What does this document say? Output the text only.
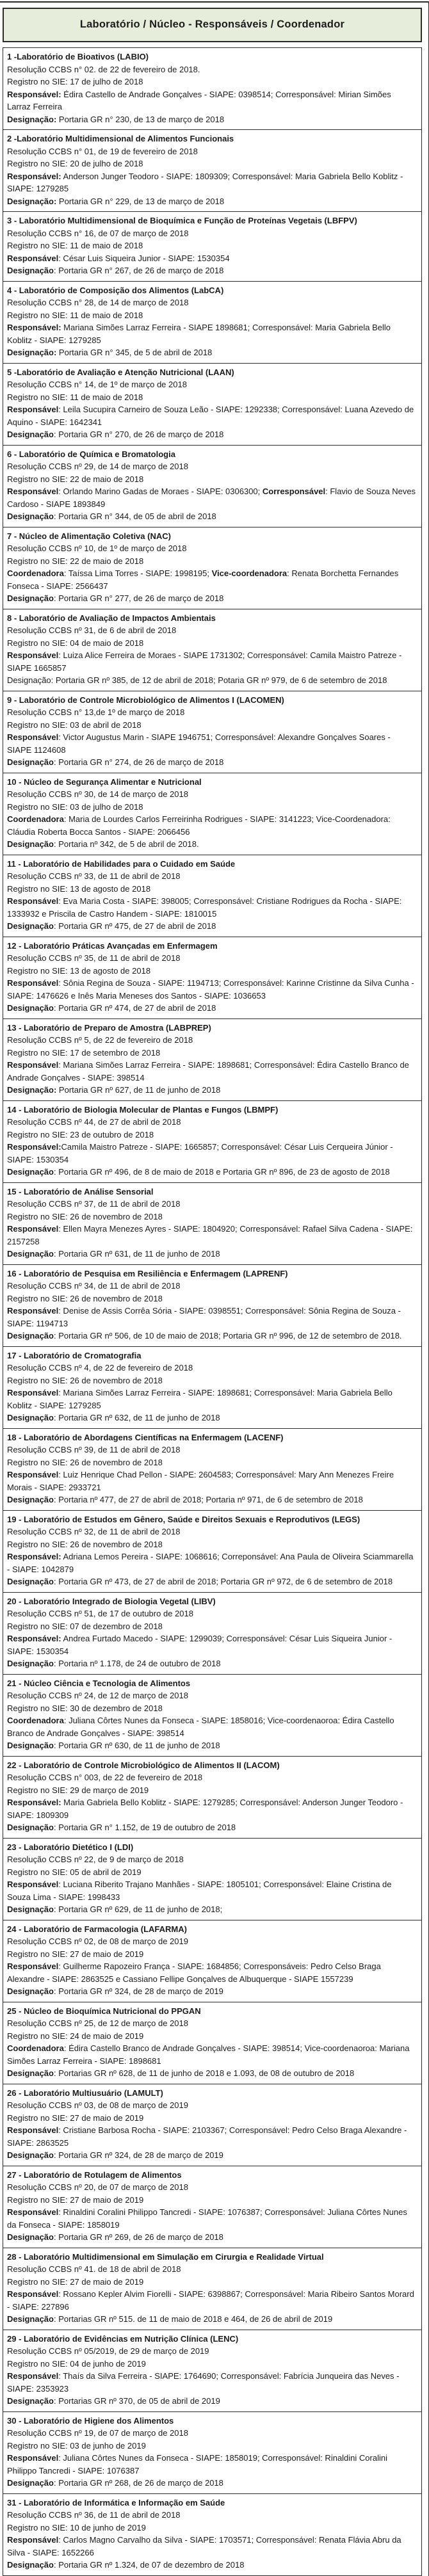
Laboratório / Núcleo - Responsáveis / Coordenador
1 -Laboratório de Bioativos (LABIO)
Resolução CCBS n° 02. de 22 de fevereiro de 2018.
Registro no SIE: 17 de julho de 2018
Responsável: Édira Castello de Andrade Gonçalves - SIAPE: 0398514; Corresponsável: Mirian Simões Larraz Ferreira
Designação: Portaria GR n° 230, de 13 de março de 2018
2 -Laboratório Multidimensional de Alimentos Funcionais
Resolução CCBS n° 01, de 19 de fevereiro de 2018
Registro no SIE: 20 de julho de 2018
Responsável: Anderson Junger Teodoro - SIAPE: 1809309; Corresponsável: Maria Gabriela Bello Koblitz - SIAPE: 1279285
Designação: Portaria GR n° 229, de 13 de março de 2018
3 - Laboratório Multidimensional de Bioquímica e Função de Proteínas Vegetais (LBFPV)
Resolução CCBS n° 16, de 07 de março de 2018
Registro no SIE: 11 de maio de 2018
Responsável: César Luis Siqueira Junior - SIAPE: 1530354
Designação: Portaria GR n° 267, de 26 de março de 2018
4 - Laboratório de Composição dos Alimentos (LabCA)
Resolução CCBS n° 28, de 14 de março de 2018
Registro no SIE: 11 de maio de 2018
Responsável: Mariana Simões Larraz Ferreira - SIAPE 1898681; Corresponsável: Maria Gabriela Bello Koblitz - SIAPE: 1279285
Designação: Portaria GR n° 345, de 5 de abril de 2018
5 -Laboratório de Avaliação e Atenção Nutricional (LAAN)
Resolução CCBS n° 14, de 1º de março de 2018
Registro no SIE: 11 de maio de 2018
Responsável: Leila Sucupira Carneiro de Souza Leão - SIAPE: 1292338; Corresponsável: Luana Azevedo de Aquino - SIAPE: 1642341
Designação: Portaria GR n° 270, de 26 de março de 2018
6 - Laboratório de Química e Bromatologia
Resolução CCBS nº 29, de 14 de março de 2018
Registro no SIE: 22 de maio de 2018
Responsável: Orlando Marino Gadas de Moraes - SIAPE: 0306300; Corresponsável: Flavio de Souza Neves Cardoso - SIAPE 1893849
Designação: Portaria GR n° 344, de 05 de abril de 2018
7 - Núcleo de Alimentação Coletiva (NAC)
Resolução CCBS nº 10, de 1º de março de 2018
Registro no SIE: 22 de maio de 2018
Coordenadora: Taíssa Lima Torres - SIAPE: 1998195; Vice-coordenadora: Renata Borchetta Fernandes Fonseca - SIAPE: 2566437
Designação: Portaria GR n° 277, de 26 de março de 2018
8 - Laboratório de Avaliação de Impactos Ambientais
Resolução CCBS nº 31, de 6 de abril de 2018
Registro no SIE: 04 de maio de 2018
Responsável: Luiza Alice Ferreira de Moraes - SIAPE 1731302; Corresponsável: Camila Maistro Patreze - SIAPE 1665857
Designação: Portaria GR nº 385, de 12 de abril de 2018; Potaria GR nº 979, de 6 de setembro de 2018
9 - Laboratório de Controle Microbiológico de Alimentos I (LACOMEN)
Resolução CCBS n° 13,de 1º de março de 2018
Registro no SIE: 03 de abril de 2018
Responsável: Victor Augustus Marin - SIAPE 1946751; Corresponsável: Alexandre Gonçalves Soares - SIAPE 1124608
Designação: Portaria GR n° 274, de 26 de março de 2018
10 - Núcleo de Segurança Alimentar e Nutricional
Resolução CCBS nº 30, de 14 de março de 2018
Registro no SIE: 03 de julho de 2018
Coordenadora: Maria de Lourdes Carlos Ferreirinha Rodrigues - SIAPE: 3141223; Vice-Coordenadora: Cláudia Roberta Bocca Santos - SIAPE: 2066456
Designação: Portaria nº 342, de 5 de abril de 2018.
11 - Laboratório de Habilidades para o Cuidado em Saúde
Resolução CCBS nº 33, de 11 de abril de 2018
Registro no SIE: 13 de agosto de 2018
Responsável: Eva Maria Costa - SIAPE: 398005; Corresponsável: Cristiane Rodrigues da Rocha - SIAPE: 1333932 e Priscila de Castro Handem - SIAPE: 1810015
Designação: Portaria GR nº 475, de 27 de abril de 2018
12 - Laboratório Práticas Avançadas em Enfermagem
Resolução CCBS nº 35, de 11 de abril de 2018
Registro no SIE: 13 de agosto de 2018
Responsável: Sônia Regina de Souza - SIAPE: 1194713; Corresponsável: Karinne Cristinne da Silva Cunha - SIAPE: 1476626 e Inês Maria Meneses dos Santos - SIAPE: 1036653
Designação: Portaria GR nº 474, de 27 de abril de 2018
13 - Laboratório de Preparo de Amostra (LABPREP)
Resolução CCBS nº 5, de 22 de fevereiro de 2018
Registro no SIE: 17 de setembro de 2018
Responsável: Mariana Simões Larraz Ferreira - SIAPE: 1898681; Corresponsável: Édira Castello Branco de Andrade Gonçalves - SIAPE: 398514
Designação: Portaria GR nº 627, de 11 de junho de 2018
14 - Laboratório de Biologia Molecular de Plantas e Fungos (LBMPF)
Resolução CCBS nº 44, de 27 de abril de 2018
Registro no SIE: 23 de outubro de 2018
Responsável:Camila Maistro Patreze - SIAPE: 1665857; Corresponsável: César Luis Cerqueira Júnior - SIAPE: 1530354
Designação: Portaria GR nº 496, de 8 de maio de 2018 e Portaria GR nº 896, de 23 de agosto de 2018
15 - Laboratório de Análise Sensorial
Resolução CCBS nº 37, de 11 de abril de 2018
Registro no SIE: 26 de novembro de 2018
Responsável: Ellen Mayra Menezes Ayres - SIAPE: 1804920; Corresponsável: Rafael Silva Cadena - SIAPE: 2157258
Designação: Portaria GR nº 631, de 11 de junho de 2018
16 - Laboratório de Pesquisa em Resiliência e Enfermagem (LAPRENF)
Resolução CCBS nº 34, de 11 de abril de 2018
Registro no SIE: 26 de novembro de 2018
Responsável: Denise de Assis Corrêa Sória - SIAPE: 0398551; Corresponsável: Sônia Regina de Souza - SIAPE: 1194713
Designação: Portaria GR nº 506, de 10 de maio de 2018; Portaria GR nº 996, de 12 de setembro de 2018.
17 - Laboratório de Cromatografia
Resolução CCBS nº 4, de 22 de fevereiro de 2018
Registro no SIE: 26 de novembro de 2018
Responsável: Mariana Simões Larraz Ferreira - SIAPE: 1898681; Corresponsável: Maria Gabriela Bello Koblitz - SIAPE: 1279285
Designação: Portaria GR nº 632, de 11 de junho de 2018
18 - Laboratório de Abordagens Científicas na Enfermagem (LACENF)
Resolução CCBS nº 39, de 11 de abril de 2018
Registro no SIE: 26 de novembro de 2018
Responsável: Luiz Henrique Chad Pellon - SIAPE: 2604583; Corresponsável: Mary Ann Menezes Freire Morais - SIAPE: 2933721
Designação: Portaria nº 477, de 27 de abril de 2018; Portaria nº 971, de 6 de setembro de 2018
19 - Laboratório de Estudos em Gênero, Saúde e Direitos Sexuais e Reprodutivos (LEGS)
Resolução CCBS nº 32, de 11 de abril de 2018
Registro no SIE: 26 de novembro de 2018
Responsável: Adriana Lemos Pereira - SIAPE: 1068616; Correponsável: Ana Paula de Oliveira Sciammarella - SIAPE: 1042879
Designação: Portaria GR nº 473, de 27 de abril de 2018; Portaria GR nº 972, de 6 de setembro de 2018
20 - Laboratório Integrado de Biologia Vegetal (LIBV)
Resolução CCBS nº 51, de 17 de outubro de 2018
Registro no SIE: 07 de dezembro de 2018
Responsável: Andrea Furtado Macedo - SIAPE: 1299039; Corresponsável: César Luis Siqueira Junior - SIAPE: 1530354
Designação: Portaria nº 1.178, de 24 de outubro de 2018
21 - Núcleo Ciência e Tecnologia de Alimentos
Resolução CCBS nº 24, de 12 de março de 2018
Registro no SIE: 30 de dezembro de 2018
Coordenadora: Juliana Côrtes Nunes da Fonseca - SIAPE: 1858016; Vice-coordenaoroa: Édira Castello Branco de Andrade Gonçalves - SIAPE: 398514
Designação: Portaria GR nº 630, de 11 de junho de 2018
22 - Laboratório de Controle Microbiológico de Alimentos II (LACOM)
Resolução CCBS n° 003, de 22 de fevereiro de 2018
Registro no SIE: 29 de março de 2019
Responsável: Maria Gabriela Bello Koblitz - SIAPE: 1279285; Corresponsável: Anderson Junger Teodoro - SIAPE: 1809309
Designação: Portaria GR n° 1.152, de 19 de outubro de 2018
23 - Laboratório Dietético I (LDI)
Resolução CCBS nº 22, de 9 de março de 2018
Registro no SIE: 05 de abril de 2019
Responsável: Luciana Riberito Trajano Manhães - SIAPE: 1805101; Corresponsável: Elaine Cristina de Souza Lima - SIAPE: 1998433
Designação: Portaria GR nº 629, de 11 de junho de 2018;
24 - Laboratório de Farmacologia (LAFARMA)
Resolução CCBS nº 02, de 08 de março de 2019
Registro no SIE: 27 de maio de 2019
Responsável: Guilherme Rapozeiro França - SIAPE: 1684856; Corresponsáveis: Pedro Celso Braga Alexandre - SIAPE: 2863525 e Cassiano Fellipe Gonçalves de Albuquerque - SIAPE 1557239
Designação: Portaria GR nº 324, de 28 de março de 2019
25 - Núcleo de Bioquímica Nutricional do PPGAN
Resolução CCBS nº 25, de 12 de março de 2018
Registro no SIE: 24 de maio de 2019
Coordenadora: Édira Castello Branco de Andrade Gonçalves - SIAPE: 398514; Vice-coordenaoroa: Mariana Simões Larraz Ferreira - SIAPE: 1898681
Designação: Portarias GR nº 628, de 11 de junho de 2018 e 1.093, de 08 de outubro de 2018
26 - Laboratório Multiusuário (LAMULT)
Resolução CCBS nº 03, de 08 de março de 2019
Registro no SIE: 27 de maio de 2019
Responsável: Cristiane Barbosa Rocha - SIAPE: 2103367; Corresponsável: Pedro Celso Braga Alexandre - SIAPE: 2863525
Designação: Portaria GR nº 324, de 28 de março de 2019
27 - Laboratório de Rotulagem de Alimentos
Resolução CCBS nº 20, de 07 de março de 2018
Registro no SIE: 27 de maio de 2019
Responsável: Rinaldini Coralini Philippo Tancredi - SIAPE: 1076387; Corresponsável: Juliana Côrtes Nunes da Fonseca - SIAPE: 1858019
Designação: Portaria GR nº 269, de 26 de março de 2018
28 - Laboratório Multidimensional em Simulação em Cirurgia e Realidade Virtual
Resolução CCBS nº 41. de 18 de abril de 2018
Registro no SIE: 27 de maio de 2019
Responsável: Rossano Kepler Alvim Fiorelli - SIAPE: 6398867; Corresponsável: Maria Ribeiro Santos Morard - SIAPE: 227896
Designação: Portarias GR nº 515. de 11 de maio de 2018 e 464, de 26 de abril de 2019
29 - Laboratório de Evidências em Nutrição Clínica (LENC)
Resolução CCBS nº 05/2019, de 29 de março de 2019
Registro no SIE: 04 de junho de 2019
Responsável: Thaís da Silva Ferreira - SIAPE: 1764690; Corresponsável: Fabrícia Junqueira das Neves - SIAPE: 2353923
Designação: Portarias GR nº 370, de 05 de abril de 2019
30 - Laboratório de Higiene dos Alimentos
Resolução CCBS nº 19, de 07 de março de 2018
Registro no SIE: 03 de junho de 2019
Responsável: Juliana Côrtes Nunes da Fonseca - SIAPE: 1858019; Corresponsável: Rinaldini Coralini Philippo Tancredi - SIAPE: 1076387
Designação: Portaria GR nº 268, de 26 de março de 2018
31 - Laboratório de Informática e Informação em Saúde
Resolução CCBS nº 36, de 11 de abril de 2018
Registro no SIE: 10 de junho de 2019
Responsável: Carlos Magno Carvalho da Silva - SIAPE: 1703571; Corresponsável: Renata Flávia Abru da Silva - SIAPE: 1652266
Designação: Portaria GR nº 1.324, de 07 de dezembro de 2018
